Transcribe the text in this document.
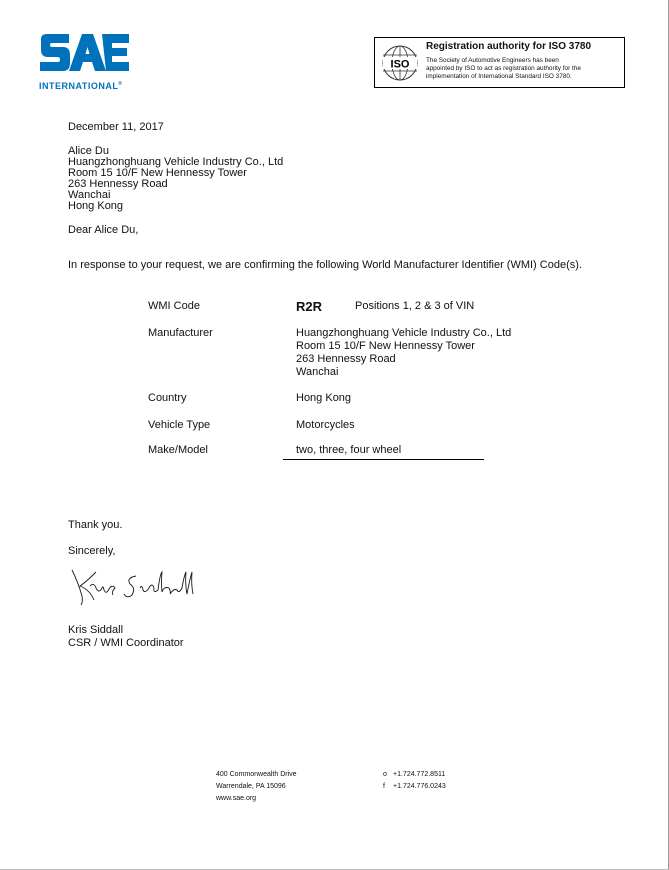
INTERNATIONAL®
ISO
Registration authority for ISO 3780
The Society of Automotive Engineers has been
appointed by ISO to act as registration authority for the
implementation of International Standard ISO 3780.
December 11, 2017
Alice Du
Huangzhonghuang Vehicle Industry Co., Ltd
Room 15 10/F New Hennessy Tower
263 Hennessy Road
Wanchai
Hong Kong
Dear Alice Du,
In response to your request, we are confirming the following World Manufacturer Identifier (WMI) Code(s).
WMI Code	R2R	Positions 1, 2 & 3 of VIN
Manufacturer	Huangzhonghuang Vehicle Industry Co., Ltd
Room 15 10/F New Hennessy Tower
263 Hennessy Road
Wanchai
Country	Hong Kong
Vehicle Type	Motorcycles
Make/Model	two, three, four wheel
Thank you.
Sincerely,
Kris Siddall
Kris Siddall
CSR / WMI Coordinator
400 Commonwealth Drive
Warrendale, PA 15096
www.sae.org
o +1.724.772.8511
f +1.724.776.0243
